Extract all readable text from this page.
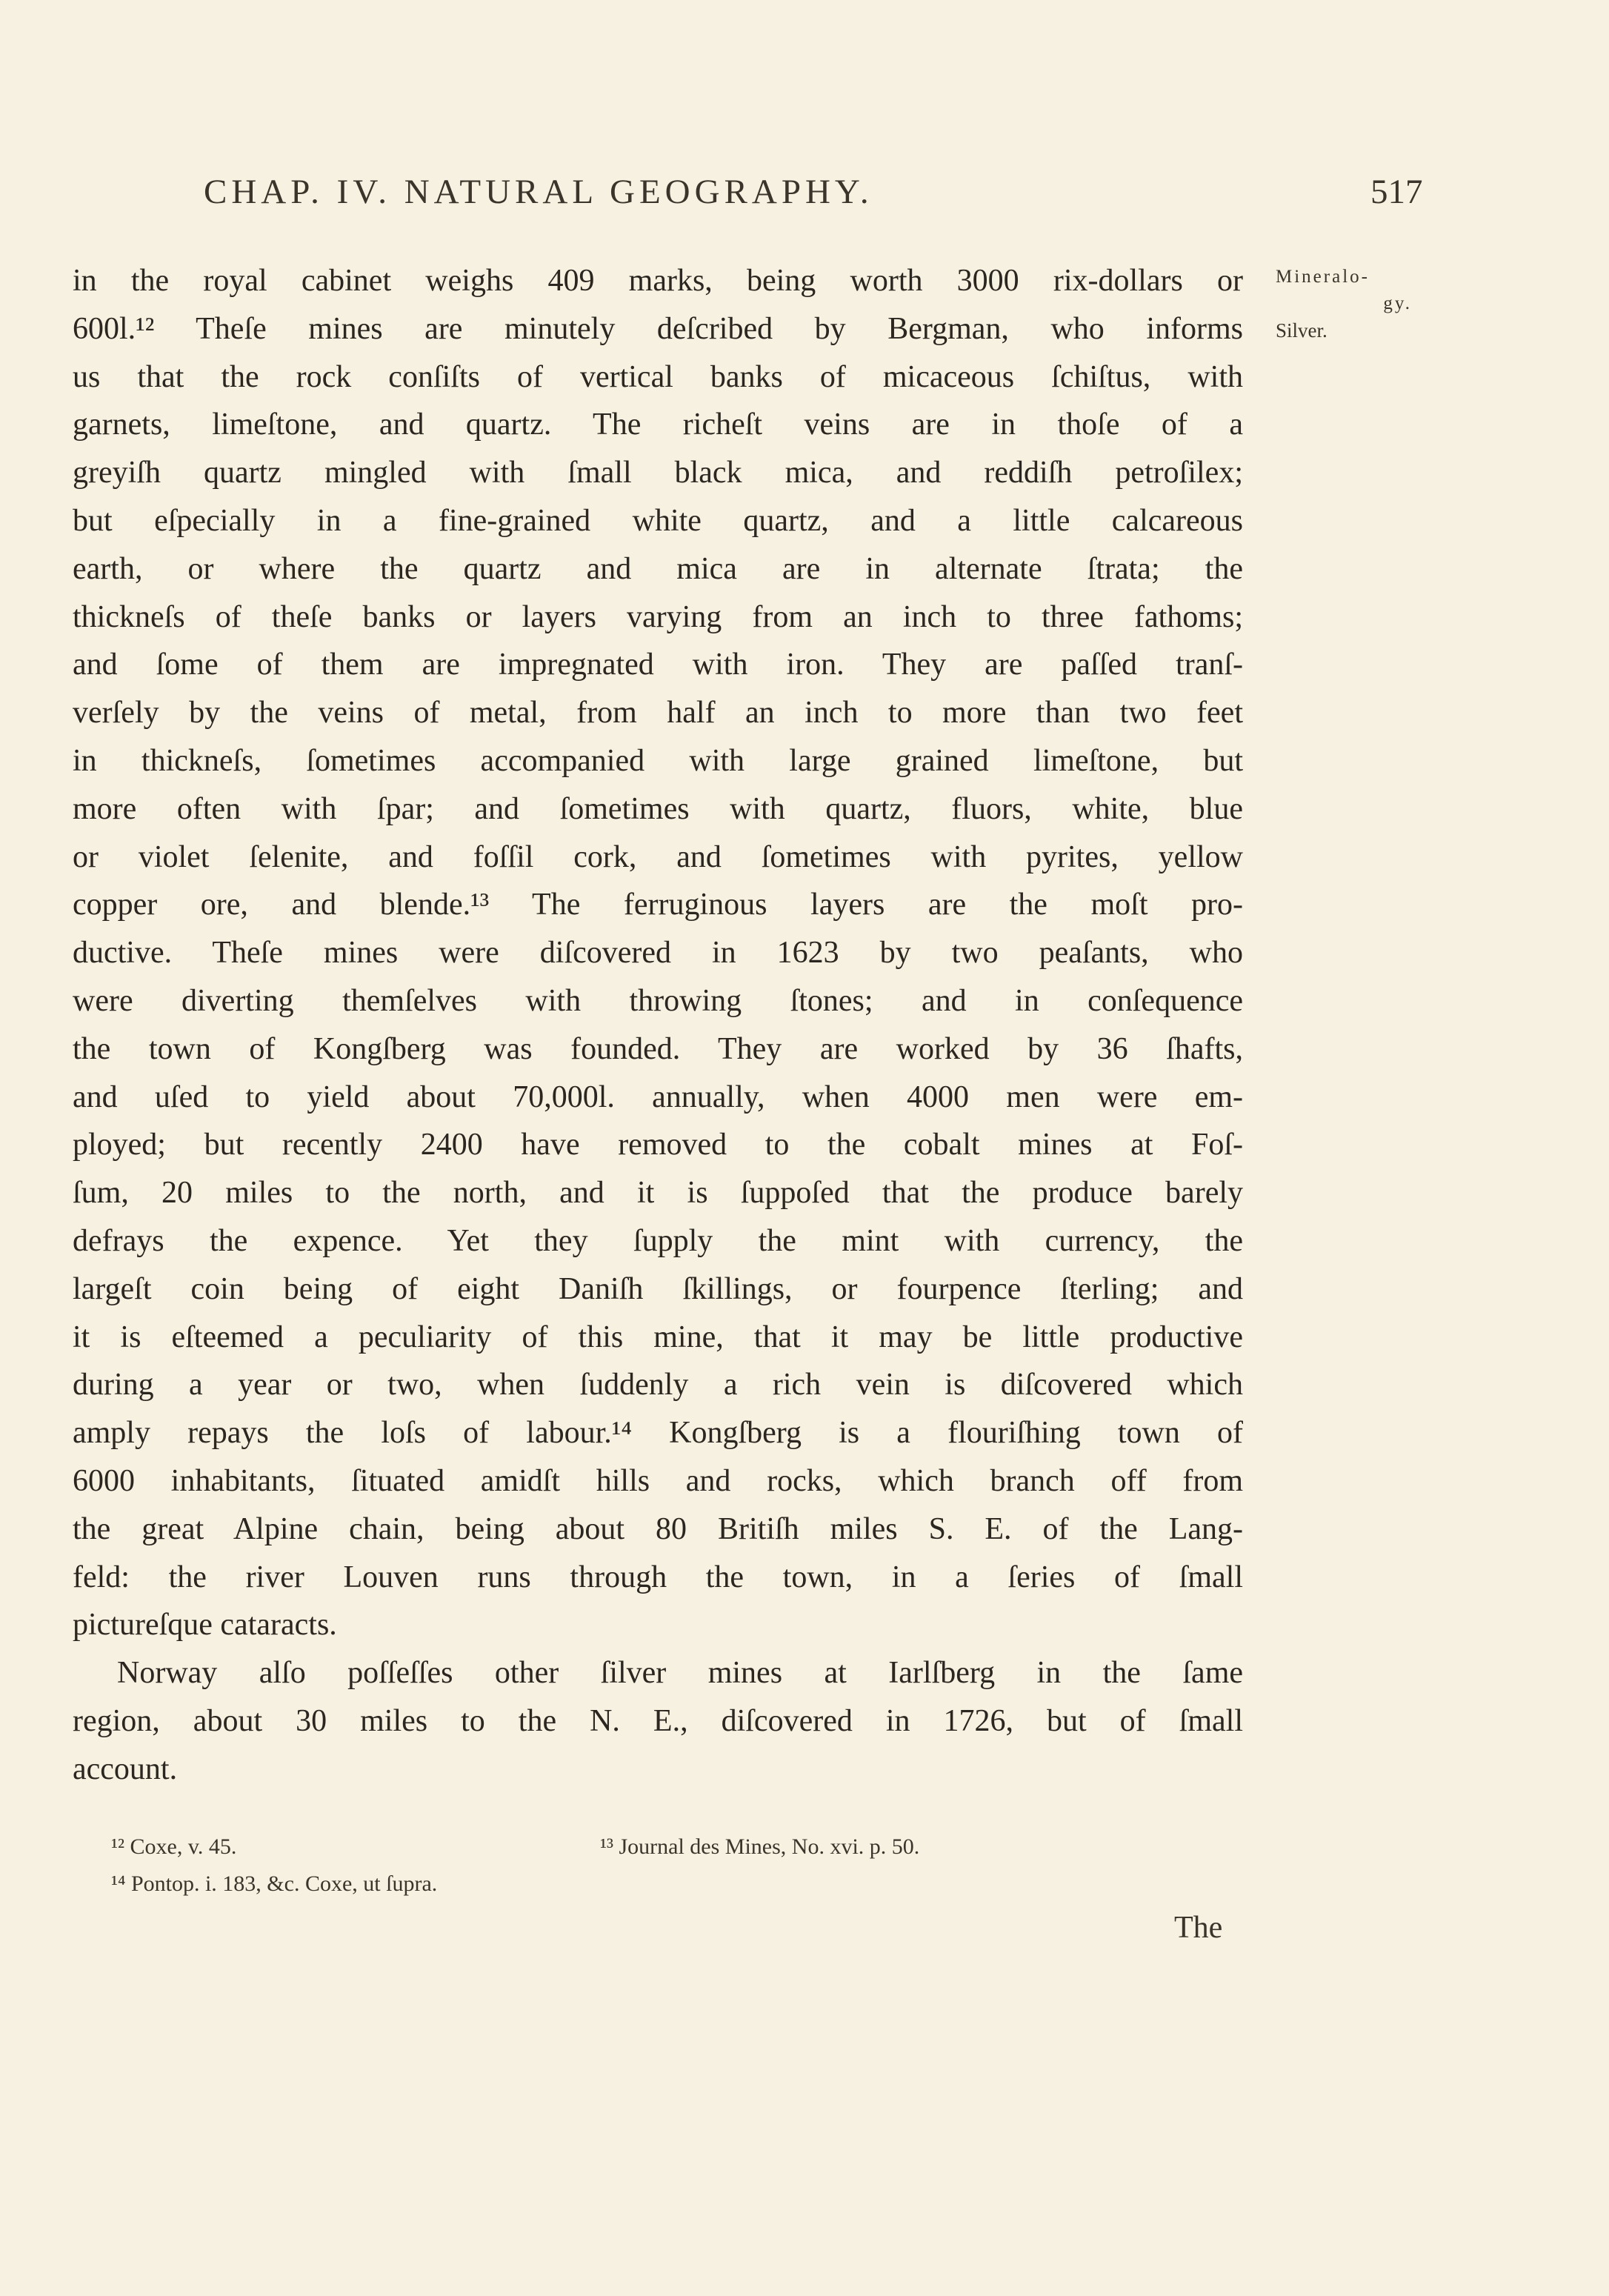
CHAP. IV. NATURAL GEOGRAPHY.	517
Mineralo-
gy.
Silver.
in the royal cabinet weighs 409 marks, being worth 3000 rix-dollars or
600l.¹² Theſe mines are minutely deſcribed by Bergman, who informs
us that the rock conſiſts of vertical banks of micaceous ſchiſtus, with
garnets, limeſtone, and quartz. The richeſt veins are in thoſe of a
greyiſh quartz mingled with ſmall black mica, and reddiſh petroſilex;
but eſpecially in a fine-grained white quartz, and a little calcareous
earth, or where the quartz and mica are in alternate ſtrata; the
thickneſs of theſe banks or layers varying from an inch to three fathoms;
and ſome of them are impregnated with iron. They are paſſed tranſ-
verſely by the veins of metal, from half an inch to more than two feet
in thickneſs, ſometimes accompanied with large grained limeſtone, but
more often with ſpar; and ſometimes with quartz, fluors, white, blue
or violet ſelenite, and foſſil cork, and ſometimes with pyrites, yellow
copper ore, and blende.¹³ The ferruginous layers are the moſt pro-
ductive. Theſe mines were diſcovered in 1623 by two peaſants, who
were diverting themſelves with throwing ſtones; and in conſequence
the town of Kongſberg was founded. They are worked by 36 ſhafts,
and uſed to yield about 70,000l. annually, when 4000 men were em-
ployed; but recently 2400 have removed to the cobalt mines at Foſ-
ſum, 20 miles to the north, and it is ſuppoſed that the produce barely
defrays the expence. Yet they ſupply the mint with currency, the
largeſt coin being of eight Daniſh ſkillings, or fourpence ſterling; and
it is eſteemed a peculiarity of this mine, that it may be little productive
during a year or two, when ſuddenly a rich vein is diſcovered which
amply repays the loſs of labour.¹⁴ Kongſberg is a flouriſhing town of
6000 inhabitants, ſituated amidſt hills and rocks, which branch off from
the great Alpine chain, being about 80 Britiſh miles S. E. of the Lang-
feld: the river Louven runs through the town, in a ſeries of ſmall
pictureſque cataracts.
Norway alſo poſſeſſes other ſilver mines at Iarlſberg in the ſame
region, about 30 miles to the N. E., diſcovered in 1726, but of ſmall
account.
¹² Coxe, v. 45.	¹³ Journal des Mines, No. xvi. p. 50.
¹⁴ Pontop. i. 183, &c. Coxe, ut ſupra.
The
